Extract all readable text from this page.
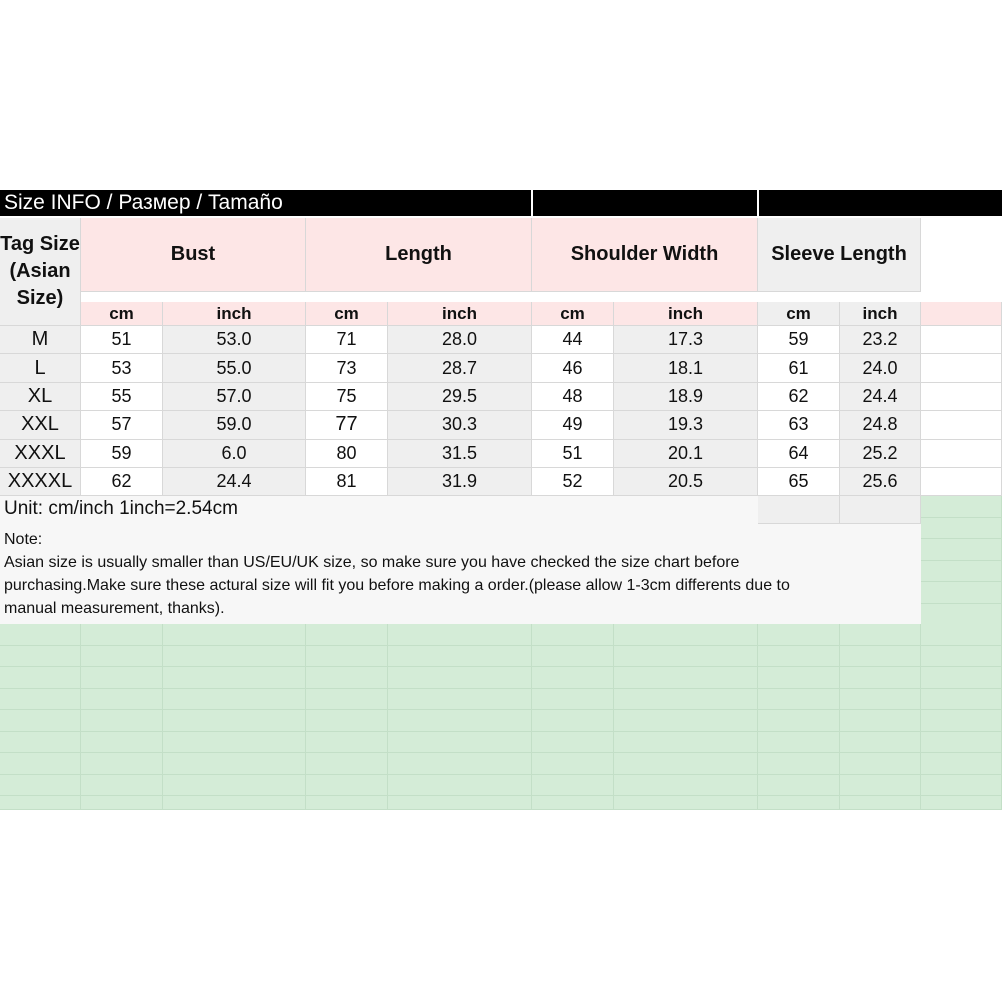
Size INFO / Размер / Tamaño
Tag Size (Asian Size)
Bust	Length	Shoulder Width	Sleeve Length
cm	inch	cm	inch	cm	inch	cm	inch
M	51	53.0	71	28.0	44	17.3	59	23.2
L	53	55.0	73	28.7	46	18.1	61	24.0
XL	55	57.0	75	29.5	48	18.9	62	24.4
XXL	57	59.0	77	30.3	49	19.3	63	24.8
XXXL	59	6.0	80	31.5	51	20.1	64	25.2
XXXXL	62	24.4	81	31.9	52	20.5	65	25.6
Unit: cm/inch 1inch=2.54cm
Note:
Asian size is usually smaller than US/EU/UK size, so make sure you have checked the size chart before
purchasing.Make sure these actural size will fit you before making a order.(please allow 1-3cm differents due to
manual measurement, thanks).
